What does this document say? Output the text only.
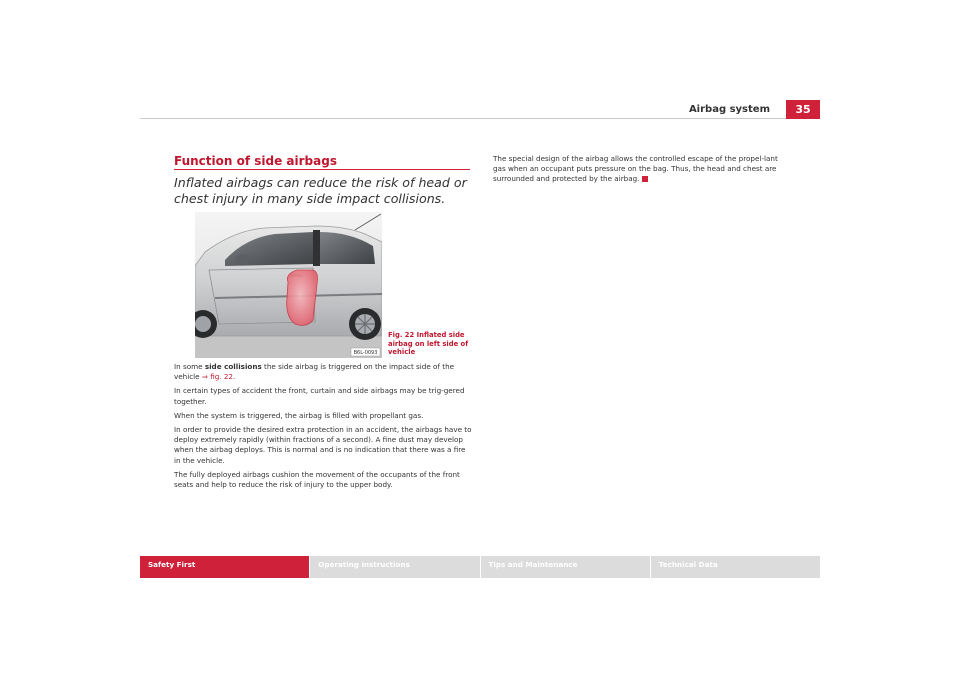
Airbag system	35
Function of side airbags

Inflated airbags can reduce the risk of head or chest injury in many side impact collisions.

B6L-0093
Fig. 22 Inflated side airbag on left side of vehicle

In some side collisions the side airbag is triggered on the impact side of the vehicle ⇒ fig. 22.

In certain types of accident the front, curtain and side airbags may be trig-gered together.

When the system is triggered, the airbag is filled with propellant gas.

In order to provide the desired extra protection in an accident, the airbags have to deploy extremely rapidly (within fractions of a second). A fine dust may develop when the airbag deploys. This is normal and is no indication that there was a fire in the vehicle.

The fully deployed airbags cushion the movement of the occupants of the front seats and help to reduce the risk of injury to the upper body.

The special design of the airbag allows the controlled escape of the propel-lant gas when an occupant puts pressure on the bag. Thus, the head and chest are surrounded and protected by the airbag.

Safety First	Operating instructions	Tips and Maintenance	Technical Data
